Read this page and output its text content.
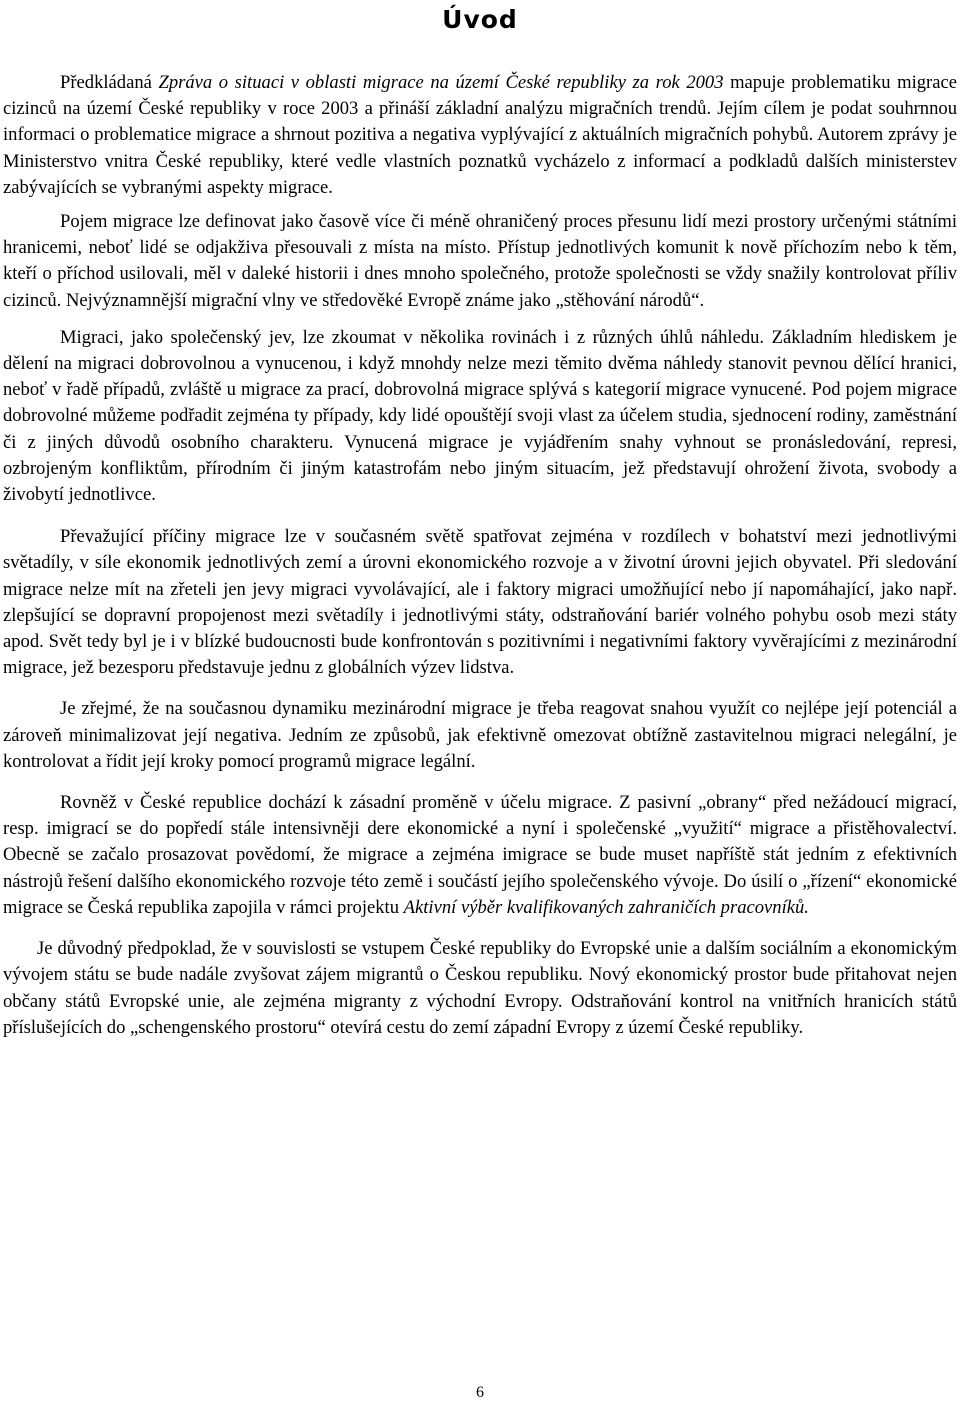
Úvod

Předkládaná Zpráva o situaci v oblasti migrace na území České republiky za rok 2003 mapuje problematiku migrace cizinců na území České republiky v roce 2003 a přináší základní analýzu migračních trendů. Jejím cílem je podat souhrnnou informaci o problematice migrace a shrnout pozitiva a negativa vyplývající z aktuálních migračních pohybů. Autorem zprávy je Ministerstvo vnitra České republiky, které vedle vlastních poznatků vycházelo z informací a podkladů dalších ministerstev zabývajících se vybranými aspekty migrace.

Pojem migrace lze definovat jako časově více či méně ohraničený proces přesunu lidí mezi prostory určenými státními hranicemi, neboť lidé se odjakživa přesouvali z místa na místo. Přístup jednotlivých komunit k nově příchozím nebo k těm, kteří o příchod usilovali, měl v daleké historii i dnes mnoho společného, protože společnosti se vždy snažily kontrolovat příliv cizinců. Nejvýznamnější migrační vlny ve středověké Evropě známe jako „stěhování národů“.

Migraci, jako společenský jev, lze zkoumat v několika rovinách i z různých úhlů náhledu. Základním hlediskem je dělení na migraci dobrovolnou a vynucenou, i když mnohdy nelze mezi těmito dvěma náhledy stanovit pevnou dělící hranici, neboť v řadě případů, zvláště u migrace za prací, dobrovolná migrace splývá s kategorií migrace vynucené. Pod pojem migrace dobrovolné můžeme podřadit zejména ty případy, kdy lidé opouštějí svoji vlast za účelem studia, sjednocení rodiny, zaměstnání či z jiných důvodů osobního charakteru. Vynucená migrace je vyjádřením snahy vyhnout se pronásledování, represi, ozbrojeným konfliktům, přírodním či jiným katastrofám nebo jiným situacím, jež představují ohrožení života, svobody a živobytí jednotlivce.

Převažující příčiny migrace lze v současném světě spatřovat zejména v rozdílech v bohatství mezi jednotlivými světadíly, v síle ekonomik jednotlivých zemí a úrovni ekonomického rozvoje a v životní úrovni jejich obyvatel. Při sledování migrace nelze mít na zřeteli jen jevy migraci vyvolávající, ale i faktory migraci umožňující nebo jí napomáhající, jako např. zlepšující se dopravní propojenost mezi světadíly i jednotlivými státy, odstraňování bariér volného pohybu osob mezi státy apod. Svět tedy byl je i v blízké budoucnosti bude konfrontován s pozitivními i negativními faktory vyvěrajícími z mezinárodní migrace, jež bezesporu představuje jednu z globálních výzev lidstva.

Je zřejmé, že na současnou dynamiku mezinárodní migrace je třeba reagovat snahou využít co nejlépe její potenciál a zároveň minimalizovat její negativa. Jedním ze způsobů, jak efektivně omezovat obtížně zastavitelnou migraci nelegální, je kontrolovat a řídit její kroky pomocí programů migrace legální.

Rovněž v České republice dochází k zásadní proměně v účelu migrace. Z pasivní „obrany“ před nežádoucí migrací, resp. imigrací se do popředí stále intensivněji dere ekonomické a nyní i společenské „využití“ migrace a přistěhovalectví. Obecně se začalo prosazovat povědomí, že migrace a zejména imigrace se bude muset napříště stát jedním z efektivních nástrojů řešení dalšího ekonomického rozvoje této země i součástí jejího společenského vývoje. Do úsilí o „řízení“ ekonomické migrace se Česká republika zapojila v rámci projektu Aktivní výběr kvalifikovaných zahraničích pracovníků.

Je důvodný předpoklad, že v souvislosti se vstupem České republiky do Evropské unie a dalším sociálním a ekonomickým vývojem státu se bude nadále zvyšovat zájem migrantů o Českou republiku. Nový ekonomický prostor bude přitahovat nejen občany států Evropské unie, ale zejména migranty z východní Evropy. Odstraňování kontrol na vnitřních hranicích států příslušejících do „schengenského prostoru“ otevírá cestu do zemí západní Evropy z území České republiky.

6
